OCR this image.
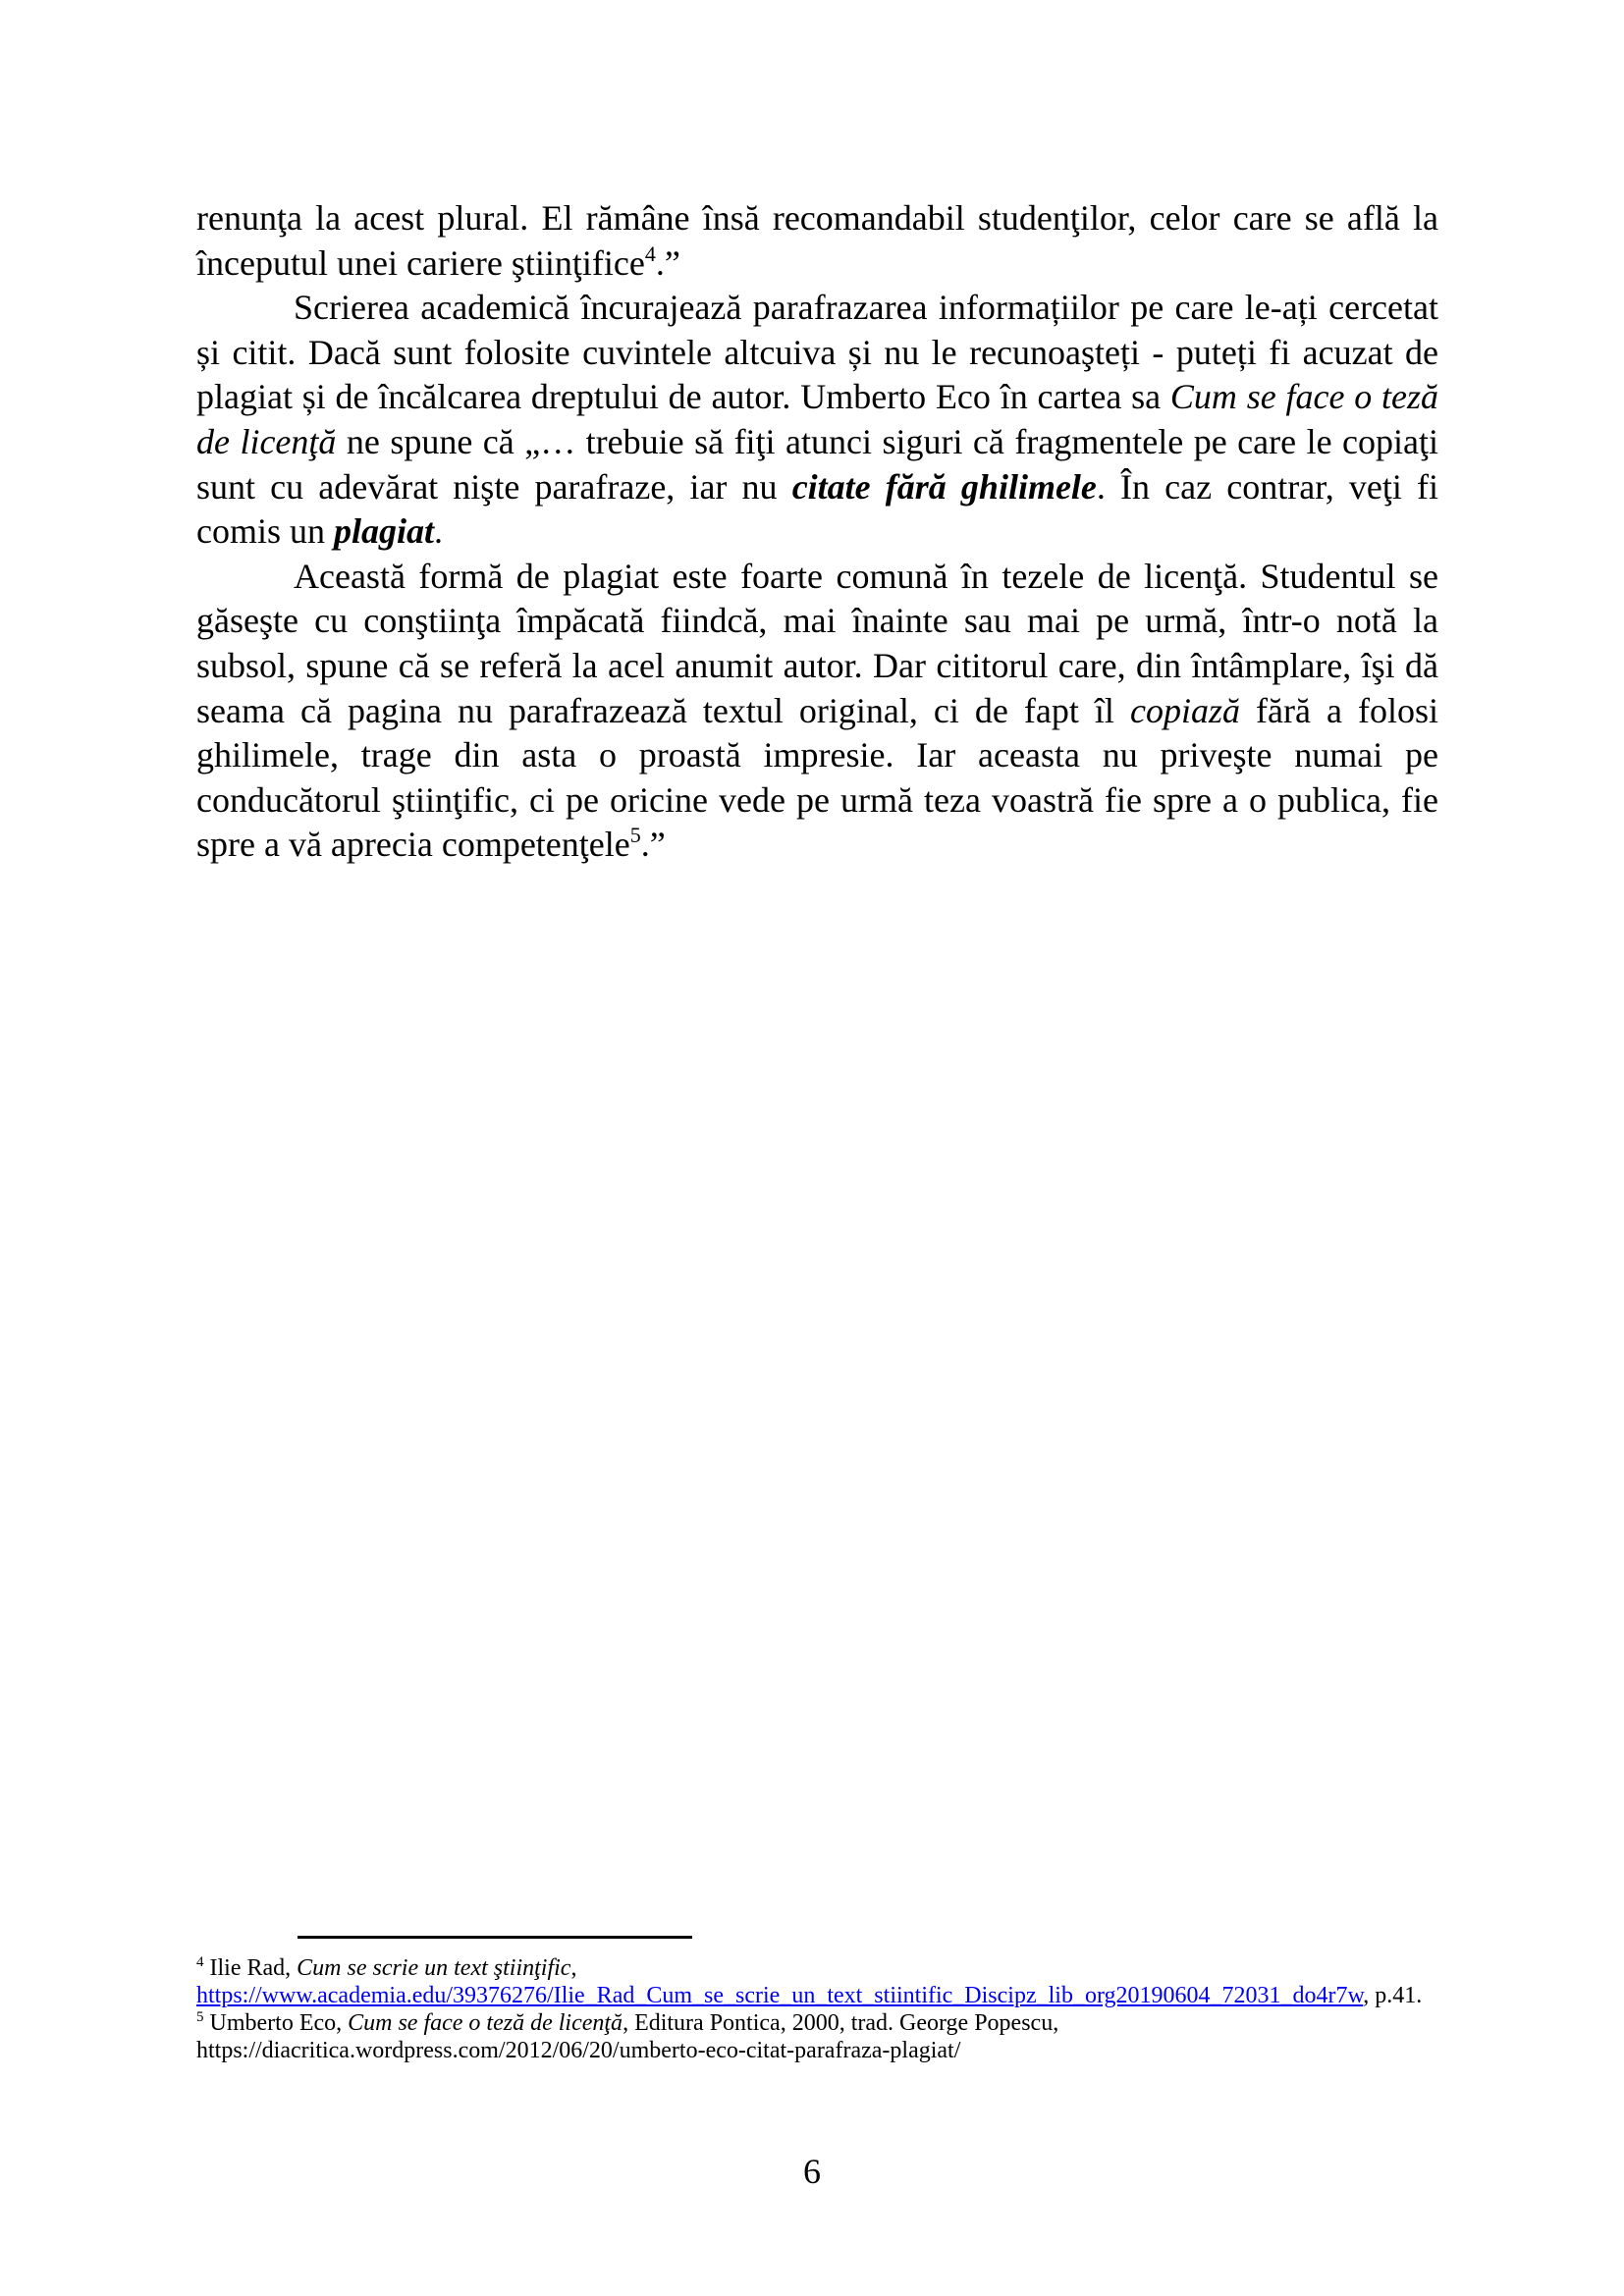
renunţa la acest plural. El rămâne însă recomandabil studenţilor, celor care se află la începutul unei cariere ştiinţifice$^4$.”

Scrierea academică încurajează parafrazarea informațiilor pe care le-ați cercetat și citit. Dacă sunt folosite cuvintele altcuiva și nu le recunoaşteți - puteți fi acuzat de plagiat și de încălcarea dreptului de autor. Umberto Eco în cartea sa Cum se face o teză de licenţă ne spune că „… trebuie să fiţi atunci siguri că fragmentele pe care le copiaţi sunt cu adevărat nişte parafraze, iar nu citate fără ghilimele. În caz contrar, veţi fi comis un plagiat.

Această formă de plagiat este foarte comună în tezele de licenţă. Studentul se găseşte cu conştiinţa împăcată fiindcă, mai înainte sau mai pe urmă, într-o notă la subsol, spune că se referă la acel anumit autor. Dar cititorul care, din întâmplare, îşi dă seama că pagina nu parafrazează textul original, ci de fapt îl copiază fără a folosi ghilimele, trage din asta o proastă impresie. Iar aceasta nu priveşte numai pe conducătorul ştiinţific, ci pe oricine vede pe urmă teza voastră fie spre a o publica, fie spre a vă aprecia competenţele$^5$.”

$^4$ Ilie Rad, Cum se scrie un text ştiinţific,
https://www.academia.edu/39376276/Ilie_Rad_Cum_se_scrie_un_text_stiintific_Discipz_lib_org20190604_72031_do4r7w, p.41.

$^5$ Umberto Eco, Cum se face o teză de licenţă, Editura Pontica, 2000, trad. George Popescu, https://diacritica.wordpress.com/2012/06/20/umberto-eco-citat-parafraza-plagiat/

6
